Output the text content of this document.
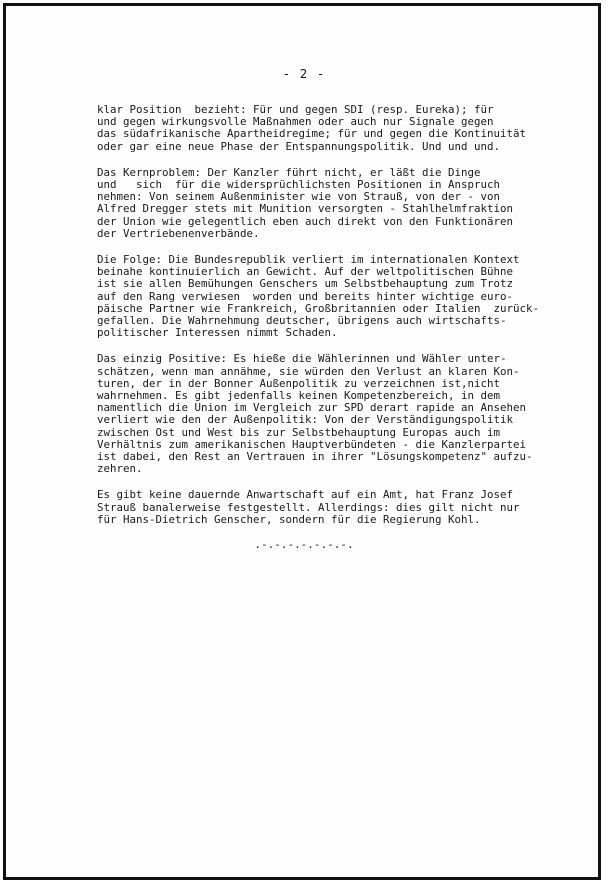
- 2 -

klar Position  bezieht: Für und gegen SDI (resp. Eureka); für
und gegen wirkungsvolle Maßnahmen oder auch nur Signale gegen
das südafrikanische Apartheidregime; für und gegen die Kontinuität
oder gar eine neue Phase der Entspannungspolitik. Und und und.

Das Kernproblem: Der Kanzler führt nicht, er läßt die Dinge
und   sich  für die widersprüchlichsten Positionen in Anspruch
nehmen: Von seinem Außenminister wie von Strauß, von der - von
Alfred Dregger stets mit Munition versorgten - Stahlhelmfraktion
der Union wie gelegentlich eben auch direkt von den Funktionären
der Vertriebenenverbände.

Die Folge: Die Bundesrepublik verliert im internationalen Kontext
beinahe kontinuierlich an Gewicht. Auf der weltpolitischen Bühne
ist sie allen Bemühungen Genschers um Selbstbehauptung zum Trotz
auf den Rang verwiesen  worden und bereits hinter wichtige euro-
päische Partner wie Frankreich, Großbritannien oder Italien  zurück-
gefallen. Die Wahrnehmung deutscher, übrigens auch wirtschafts-
politischer Interessen nimmt Schaden.

Das einzig Positive: Es hieße die Wählerinnen und Wähler unter-
schätzen, wenn man annähme, sie würden den Verlust an klaren Kon-
turen, der in der Bonner Außenpolitik zu verzeichnen ist,nicht
wahrnehmen. Es gibt jedenfalls keinen Kompetenzbereich, in dem
namentlich die Union im Vergleich zur SPD derart rapide an Ansehen
verliert wie den der Außenpolitik: Von der Verständigungspolitik
zwischen Ost und West bis zur Selbstbehauptung Europas auch im
Verhältnis zum amerikanischen Hauptverbündeten - die Kanzlerpartei
ist dabei, den Rest an Vertrauen in ihrer "Lösungskompetenz" aufzu-
zehren.

Es gibt keine dauernde Anwartschaft auf ein Amt, hat Franz Josef
Strauß banalerweise festgestellt. Allerdings: dies gilt nicht nur
für Hans-Dietrich Genscher, sondern für die Regierung Kohl.

.-.-.-.-.-.-.-.
